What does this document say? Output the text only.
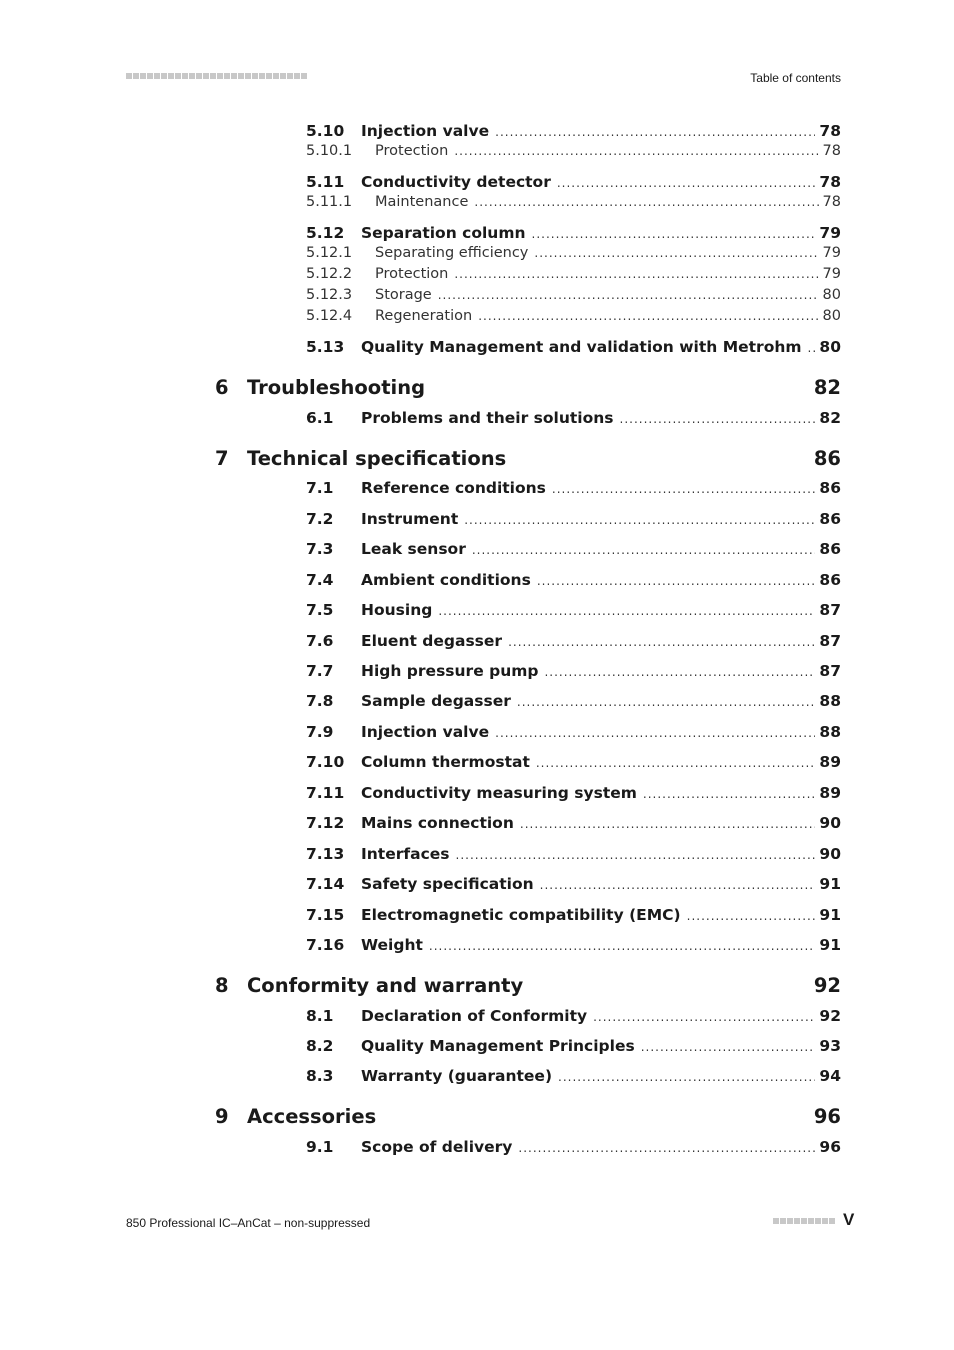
Table of contents
5.10	Injection valve .....	78
5.10.1	Protection .....	78
5.11	Conductivity detector .....	78
5.11.1	Maintenance .....	78
5.12	Separation column .....	79
5.12.1	Separating efficiency .....	79
5.12.2	Protection .....	79
5.12.3	Storage .....	80
5.12.4	Regeneration .....	80
5.13	Quality Management and validation with Metrohm .....	80
6 Troubleshooting	82
6.1	Problems and their solutions .....	82
7 Technical specifications	86
7.1	Reference conditions .....	86
7.2	Instrument .....	86
7.3	Leak sensor .....	86
7.4	Ambient conditions .....	86
7.5	Housing .....	87
7.6	Eluent degasser .....	87
7.7	High pressure pump .....	87
7.8	Sample degasser .....	88
7.9	Injection valve .....	88
7.10	Column thermostat .....	89
7.11	Conductivity measuring system .....	89
7.12	Mains connection .....	90
7.13	Interfaces .....	90
7.14	Safety specification .....	91
7.15	Electromagnetic compatibility (EMC) .....	91
7.16	Weight .....	91
8 Conformity and warranty	92
8.1	Declaration of Conformity .....	92
8.2	Quality Management Principles .....	93
8.3	Warranty (guarantee) .....	94
9 Accessories	96
9.1	Scope of delivery .....	96
850 Professional IC–AnCat – non-suppressed	V
